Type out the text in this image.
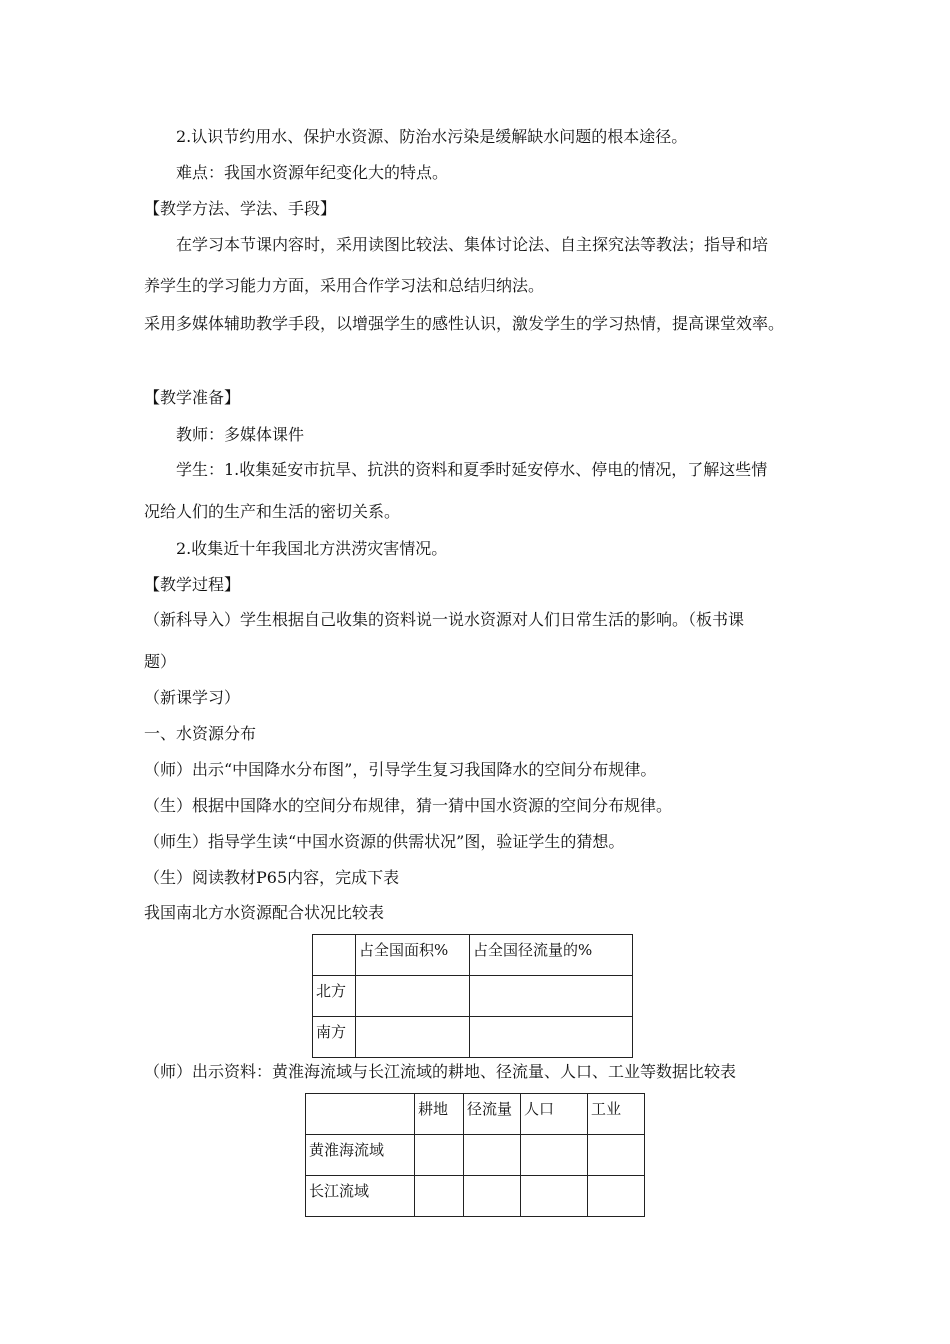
2.认识节约用水、保护水资源、防治水污染是缓解缺水问题的根本途径。
难点：我国水资源年纪变化大的特点。
【教学方法、学法、手段】
在学习本节课内容时，采用读图比较法、集体讨论法、自主探究法等教法；指导和培
养学生的学习能力方面，采用合作学习法和总结归纳法。
采用多媒体辅助教学手段，以增强学生的感性认识，激发学生的学习热情，提高课堂效率。
【教学准备】
教师：多媒体课件
学生：1.收集延安市抗旱、抗洪的资料和夏季时延安停水、停电的情况，了解这些情
况给人们的生产和生活的密切关系。
2.收集近十年我国北方洪涝灾害情况。
【教学过程】
（新科导入）学生根据自己收集的资料说一说水资源对人们日常生活的影响。（板书课
题）
（新课学习）
一、水资源分布
（师）出示“中国降水分布图”，引导学生复习我国降水的空间分布规律。
（生）根据中国降水的空间分布规律，猜一猜中国水资源的空间分布规律。
（师生）指导学生读“中国水资源的供需状况”图，验证学生的猜想。
（生）阅读教材P65内容，完成下表
我国南北方水资源配合状况比较表
	占全国面积%	占全国径流量的%
北方		
南方		
（师）出示资料：黄淮海流域与长江流域的耕地、径流量、人口、工业等数据比较表
	耕地	径流量	人口	工业
黄淮海流域				
长江流域				
